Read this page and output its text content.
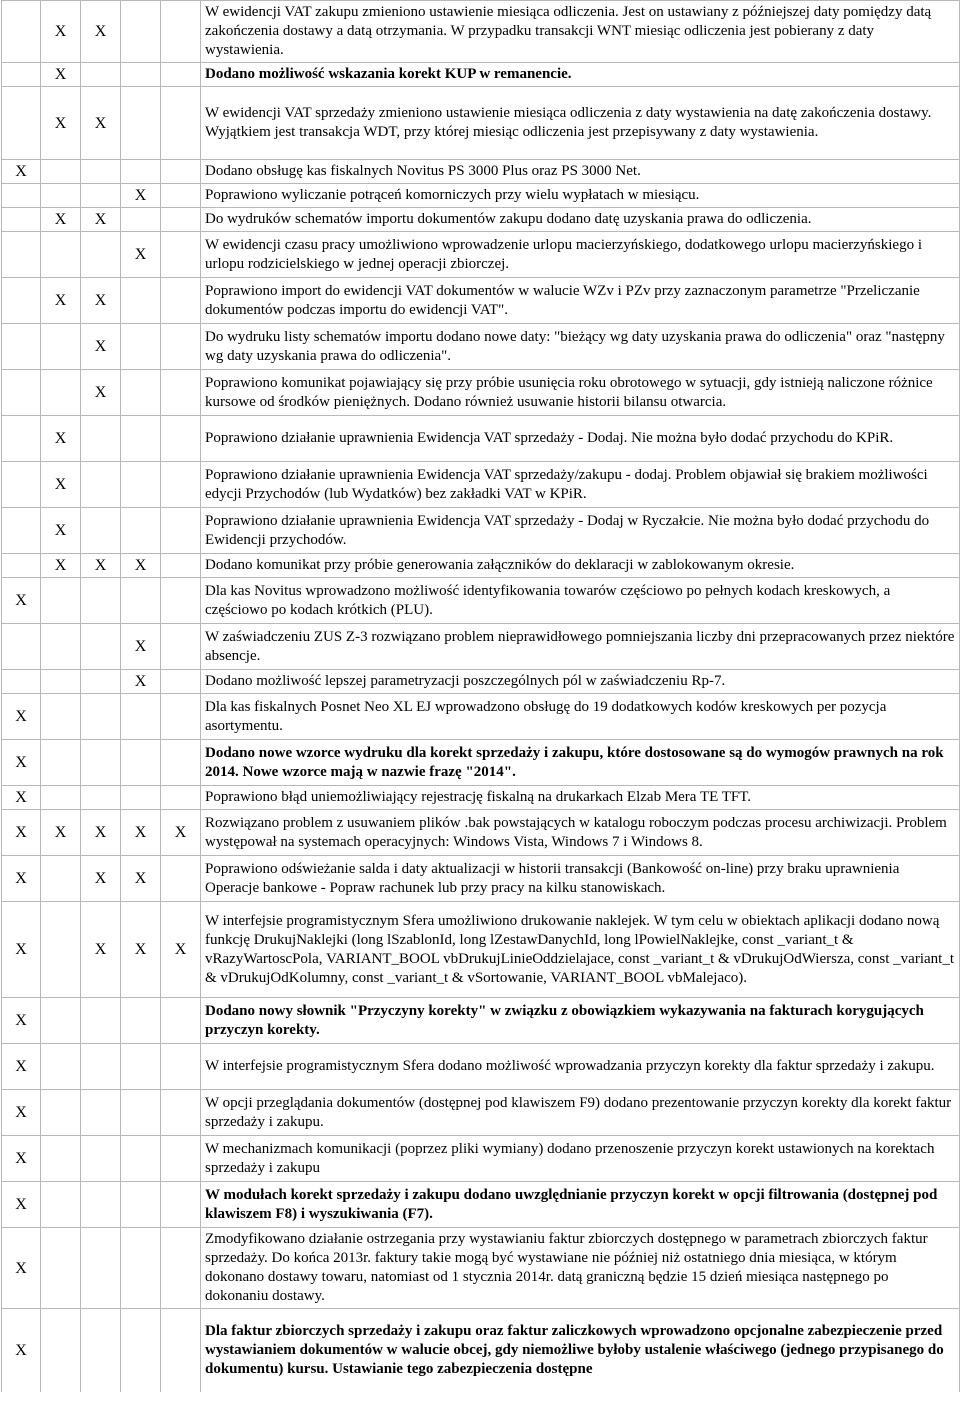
	X	X			W ewidencji VAT zakupu zmieniono ustawienie miesiąca odliczenia. Jest on ustawiany z późniejszej daty pomiędzy datą zakończenia dostawy a datą otrzymania. W przypadku transakcji WNT miesiąc odliczenia jest pobierany z daty wystawienia.
	X				Dodano możliwość wskazania korekt KUP w remanencie.
	X	X			W ewidencji VAT sprzedaży zmieniono ustawienie miesiąca odliczenia z daty wystawienia na datę zakończenia dostawy. Wyjątkiem jest transakcja WDT, przy której miesiąc odliczenia jest przepisywany z daty wystawienia.
X					Dodano obsługę kas fiskalnych Novitus PS 3000 Plus oraz PS 3000 Net.
			X		Poprawiono wyliczanie potrąceń komorniczych przy wielu wypłatach w miesiącu.
	X	X			Do wydruków schematów importu dokumentów zakupu dodano datę uzyskania prawa do odliczenia.
			X		W ewidencji czasu pracy umożliwiono wprowadzenie urlopu macierzyńskiego, dodatkowego urlopu macierzyńskiego i urlopu rodzicielskiego w jednej operacji zbiorczej.
	X	X			Poprawiono import do ewidencji VAT dokumentów w walucie WZv i PZv przy zaznaczonym parametrze "Przeliczanie dokumentów podczas importu do ewidencji VAT".
		X			Do wydruku listy schematów importu dodano nowe daty: "bieżący wg daty uzyskania prawa do odliczenia" oraz "następny wg daty uzyskania prawa do odliczenia".
		X			Poprawiono komunikat pojawiający się przy próbie usunięcia roku obrotowego w sytuacji, gdy istnieją naliczone różnice kursowe od środków pieniężnych. Dodano również usuwanie historii bilansu otwarcia.
	X				Poprawiono działanie uprawnienia Ewidencja VAT sprzedaży - Dodaj. Nie można było dodać przychodu do KPiR.
	X				Poprawiono działanie uprawnienia Ewidencja VAT sprzedaży/zakupu - dodaj. Problem objawiał się brakiem możliwości edycji Przychodów (lub Wydatków) bez zakładki VAT w KPiR.
	X				Poprawiono działanie uprawnienia Ewidencja VAT sprzedaży - Dodaj w Ryczałcie. Nie można było dodać przychodu do Ewidencji przychodów.
	X	X	X		Dodano komunikat przy próbie generowania załączników do deklaracji w zablokowanym okresie.
X					Dla kas Novitus wprowadzono możliwość identyfikowania towarów częściowo po pełnych kodach kreskowych, a częściowo po kodach krótkich (PLU).
			X		W zaświadczeniu ZUS Z-3 rozwiązano problem nieprawidłowego pomniejszania liczby dni przepracowanych przez niektóre absencje.
			X		Dodano możliwość lepszej parametryzacji poszczególnych pól w zaświadczeniu Rp-7.
X					Dla kas fiskalnych Posnet Neo XL EJ wprowadzono obsługę do 19 dodatkowych kodów kreskowych per pozycja asortymentu.
X					Dodano nowe wzorce wydruku dla korekt sprzedaży i zakupu, które dostosowane są do wymogów prawnych na rok 2014. Nowe wzorce mają w nazwie frazę "2014".
X					Poprawiono błąd uniemożliwiający rejestrację fiskalną na drukarkach Elzab Mera TE TFT.
X	X	X	X	X	Rozwiązano problem z usuwaniem plików .bak powstających w katalogu roboczym podczas procesu archiwizacji. Problem występował na systemach operacyjnych: Windows Vista, Windows 7 i Windows 8.
X		X	X		Poprawiono odświeżanie salda i daty aktualizacji w historii transakcji (Bankowość on-line) przy braku uprawnienia Operacje bankowe - Popraw rachunek lub przy pracy na kilku stanowiskach.
X		X	X	X	W interfejsie programistycznym Sfera umożliwiono drukowanie naklejek. W tym celu w obiektach aplikacji dodano nową funkcję DrukujNaklejki (long lSzablonId, long lZestawDanychId, long lPowielNaklejke, const _variant_t & vRazyWartoscPola, VARIANT_BOOL vbDrukujLinieOddzielajace, const _variant_t & vDrukujOdWiersza, const _variant_t & vDrukujOdKolumny, const _variant_t & vSortowanie, VARIANT_BOOL vbMalejaco).
X					Dodano nowy słownik "Przyczyny korekty" w związku z obowiązkiem wykazywania na fakturach korygujących przyczyn korekty.
X					W interfejsie programistycznym Sfera dodano możliwość wprowadzania przyczyn korekty dla faktur sprzedaży i zakupu.
X					W opcji przeglądania dokumentów (dostępnej pod klawiszem F9) dodano prezentowanie przyczyn korekty dla korekt faktur sprzedaży i zakupu.
X					W mechanizmach komunikacji (poprzez pliki wymiany) dodano przenoszenie przyczyn korekt ustawionych na korektach sprzedaży i zakupu
X					W modułach korekt sprzedaży i zakupu dodano uwzględnianie przyczyn korekt w opcji filtrowania (dostępnej pod klawiszem F8) i wyszukiwania (F7).
X					Zmodyfikowano działanie ostrzegania przy wystawianiu faktur zbiorczych dostępnego w parametrach zbiorczych faktur sprzedaży. Do końca 2013r. faktury takie mogą być wystawiane nie później niż ostatniego dnia miesiąca, w którym dokonano dostawy towaru, natomiast od 1 stycznia 2014r. datą graniczną będzie 15 dzień miesiąca następnego po dokonaniu dostawy.
X					Dla faktur zbiorczych sprzedaży i zakupu oraz faktur zaliczkowych wprowadzono opcjonalne zabezpieczenie przed wystawianiem dokumentów w walucie obcej, gdy niemożliwe byłoby ustalenie właściwego (jednego przypisanego do dokumentu) kursu. Ustawianie tego zabezpieczenia dostępne
